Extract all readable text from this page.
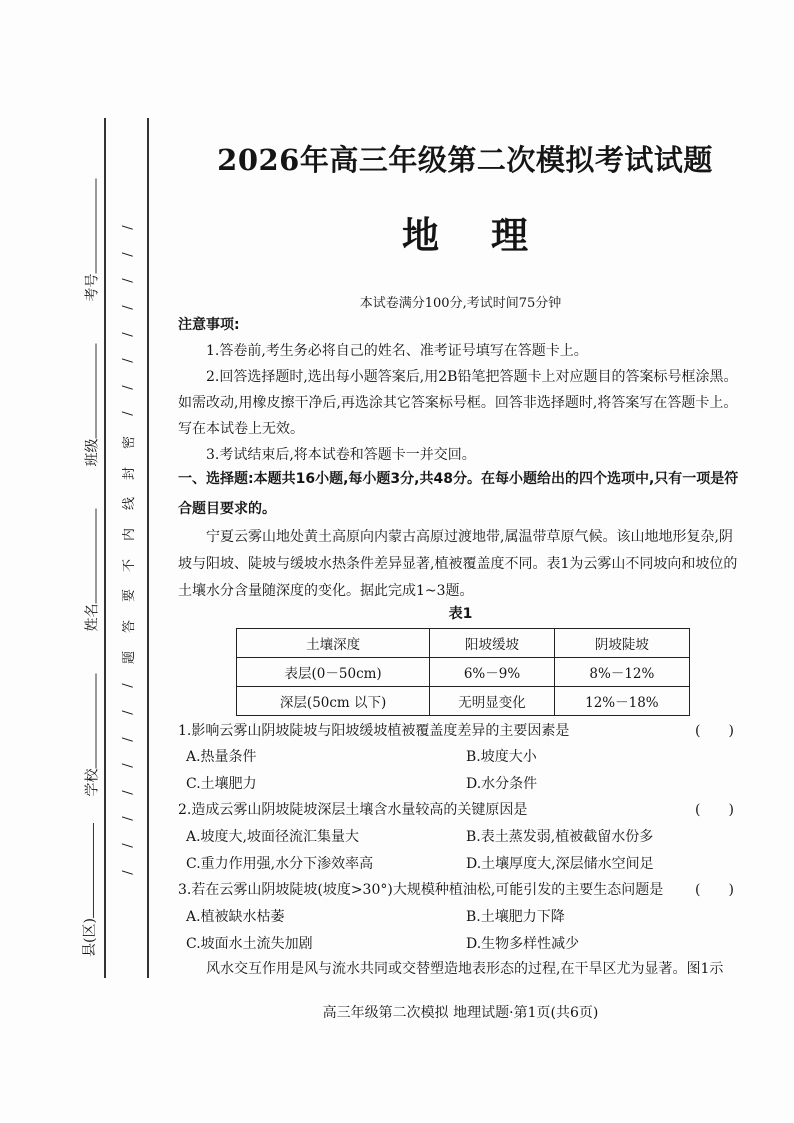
考号
班级
姓名
学校
县(区)
/
/
/
/
/
/
/
/
密
封
线
内
不
要
答
题
/
/
/
/
/
/
/
/
2026年高三年级第二次模拟考试试题
地 理
本试卷满分100分,考试时间75分钟
注意事项:
1.答卷前,考生务必将自己的姓名、准考证号填写在答题卡上。
2.回答选择题时,选出每小题答案后,用2B铅笔把答题卡上对应题目的答案标号框涂黑。如需改动,用橡皮擦干净后,再选涂其它答案标号框。回答非选择题时,将答案写在答题卡上。写在本试卷上无效。
3.考试结束后,将本试卷和答题卡一并交回。
一、选择题:本题共16小题,每小题3分,共48分。在每小题给出的四个选项中,只有一项是符合题目要求的。
宁夏云雾山地处黄土高原向内蒙古高原过渡地带,属温带草原气候。该山地地形复杂,阴坡与阳坡、陡坡与缓坡水热条件差异显著,植被覆盖度不同。表1为云雾山不同坡向和坡位的土壤水分含量随深度的变化。据此完成1~3题。
表1
土壤深度	阳坡缓坡	阴坡陡坡
表层(0－50cm)	6%－9%	8%－12%
深层(50cm 以下)	无明显变化	12%－18%
1.影响云雾山阴坡陡坡与阳坡缓坡植被覆盖度差异的主要因素是	(　　)
A.热量条件	B.坡度大小
C.土壤肥力	D.水分条件
2.造成云雾山阴坡陡坡深层土壤含水量较高的关键原因是	(　　)
A.坡度大,坡面径流汇集量大	B.表土蒸发弱,植被截留水份多
C.重力作用强,水分下渗效率高	D.土壤厚度大,深层储水空间足
3.若在云雾山阴坡陡坡(坡度>30°)大规模种植油松,可能引发的主要生态问题是	(　　)
A.植被缺水枯萎	B.土壤肥力下降
C.坡面水土流失加剧	D.生物多样性减少
风水交互作用是风与流水共同或交替塑造地表形态的过程,在干旱区尤为显著。图1示
高三年级第二次模拟 地理试题·第1页(共6页)
